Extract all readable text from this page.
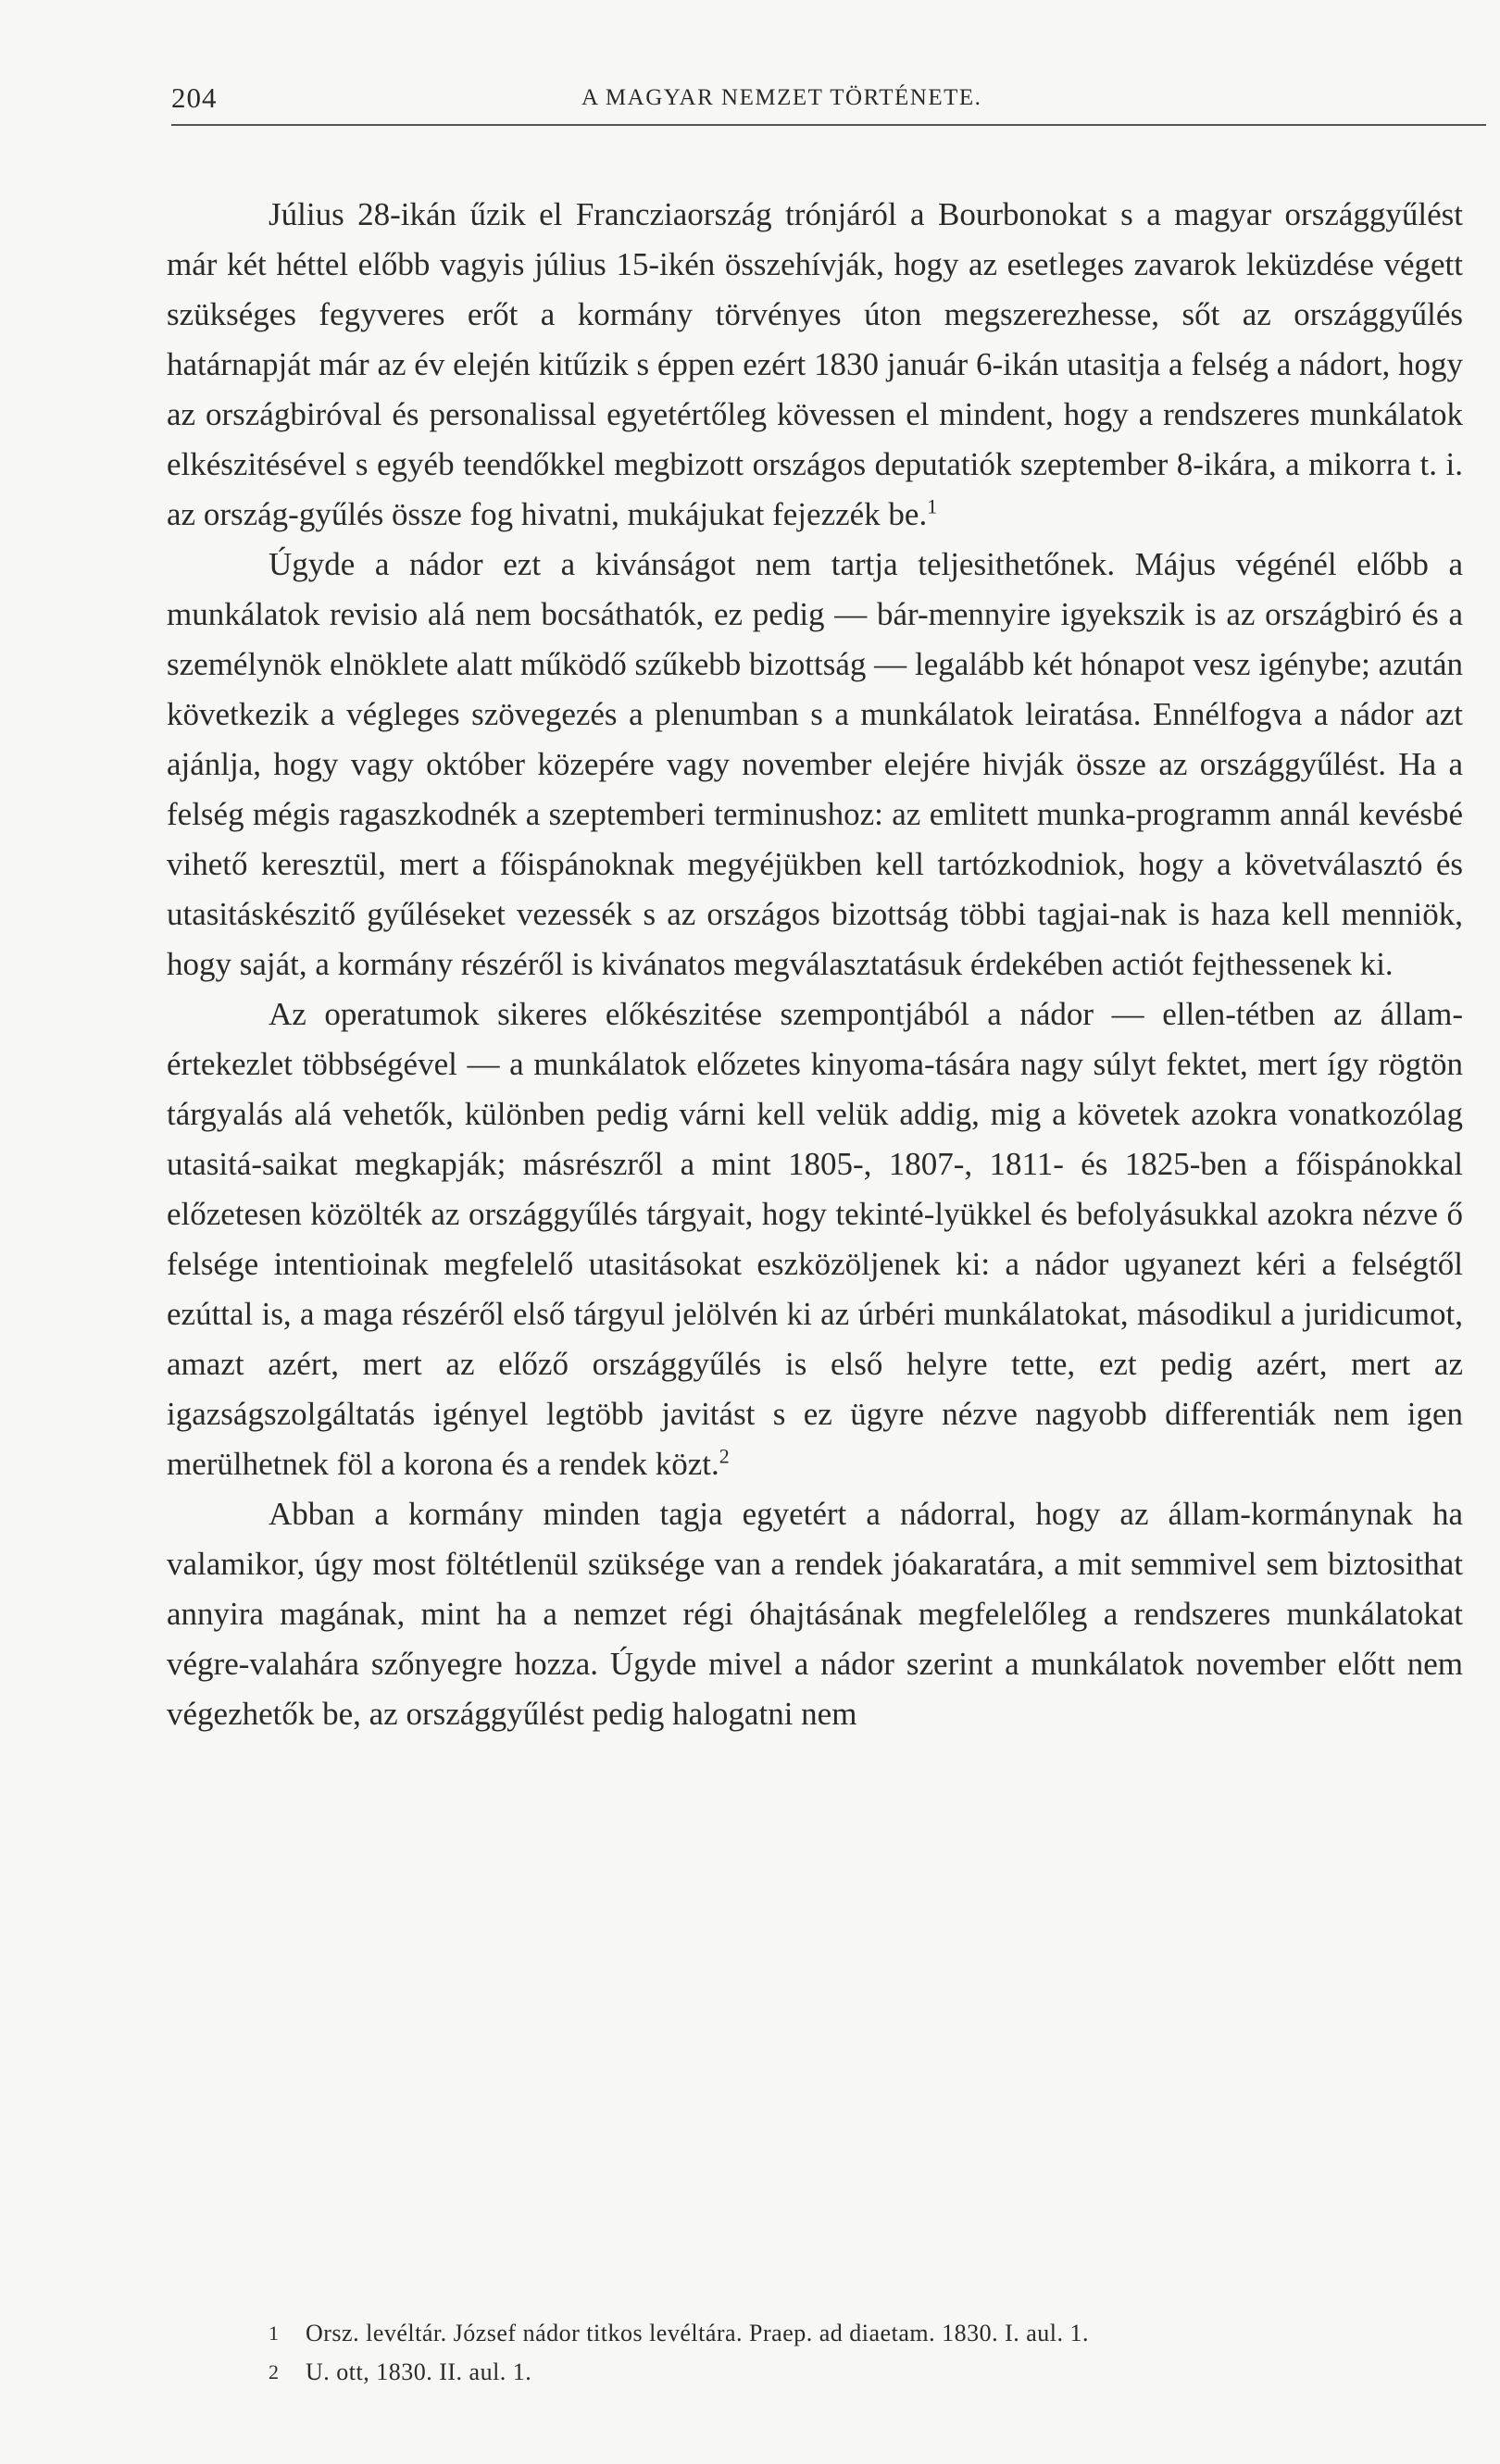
204	A MAGYAR NEMZET TÖRTÉNETE.

Július 28-ikán űzik el Francziaország trónjáról a Bourbonokat s a magyar országgyűlést már két héttel előbb vagyis július 15-ikén összehívják, hogy az esetleges zavarok leküzdése végett szükséges fegyveres erőt a kormány törvényes úton megszerezhesse, sőt az országgyűlés határnapját már az év elején kitűzik s éppen ezért 1830 január 6-ikán utasitja a felség a nádort, hogy az országbiróval és personalissal egyetértőleg kövessen el mindent, hogy a rendszeres munkálatok elkészitésével s egyéb teendőkkel megbizott országos deputatiók szeptember 8-ikára, a mikorra t. i. az ország-gyűlés össze fog hivatni, mukájukat fejezzék be.$^1$

Úgyde a nádor ezt a kivánságot nem tartja teljesithetőnek. Május végénél előbb a munkálatok revisio alá nem bocsáthatók, ez pedig — bár-mennyire igyekszik is az országbiró és a személynök elnöklete alatt működő szűkebb bizottság — legalább két hónapot vesz igénybe; azután következik a végleges szövegezés a plenumban s a munkálatok leiratása. Ennélfogva a nádor azt ajánlja, hogy vagy október közepére vagy november elejére hivják össze az országgyűlést. Ha a felség mégis ragaszkodnék a szeptemberi terminushoz: az emlitett munka-programm annál kevésbé vihető keresztül, mert a főispánoknak megyéjükben kell tartózkodniok, hogy a követválasztó és utasitáskészitő gyűléseket vezessék s az országos bizottság többi tagjai-nak is haza kell menniök, hogy saját, a kormány részéről is kivánatos megválasztatásuk érdekében actiót fejthessenek ki.

Az operatumok sikeres előkészitése szempontjából a nádor — ellen-tétben az állam-értekezlet többségével — a munkálatok előzetes kinyoma-tására nagy súlyt fektet, mert így rögtön tárgyalás alá vehetők, különben pedig várni kell velük addig, mig a követek azokra vonatkozólag utasitá-saikat megkapják; másrészről a mint 1805-, 1807-, 1811- és 1825-ben a főispánokkal előzetesen közölték az országgyűlés tárgyait, hogy tekinté-lyükkel és befolyásukkal azokra nézve ő felsége intentioinak megfelelő utasitásokat eszközöljenek ki: a nádor ugyanezt kéri a felségtől ezúttal is, a maga részéről első tárgyul jelölvén ki az úrbéri munkálatokat, másodikul a juridicumot, amazt azért, mert az előző országgyűlés is első helyre tette, ezt pedig azért, mert az igazságszolgáltatás igényel legtöbb javitást s ez ügyre nézve nagyobb differentiák nem igen merülhetnek föl a korona és a rendek közt.$^2$

Abban a kormány minden tagja egyetért a nádorral, hogy az állam-kormánynak ha valamikor, úgy most föltétlenül szüksége van a rendek jóakaratára, a mit semmivel sem biztosithat annyira magának, mint ha a nemzet régi óhajtásának megfelelőleg a rendszeres munkálatokat végre-valahára szőnyegre hozza. Úgyde mivel a nádor szerint a munkálatok november előtt nem végezhetők be, az országgyűlést pedig halogatni nem

1	Orsz. levéltár. József nádor titkos levéltára. Praep. ad diaetam. 1830. I. aul. 1.
2	U. ott, 1830. II. aul. 1.
